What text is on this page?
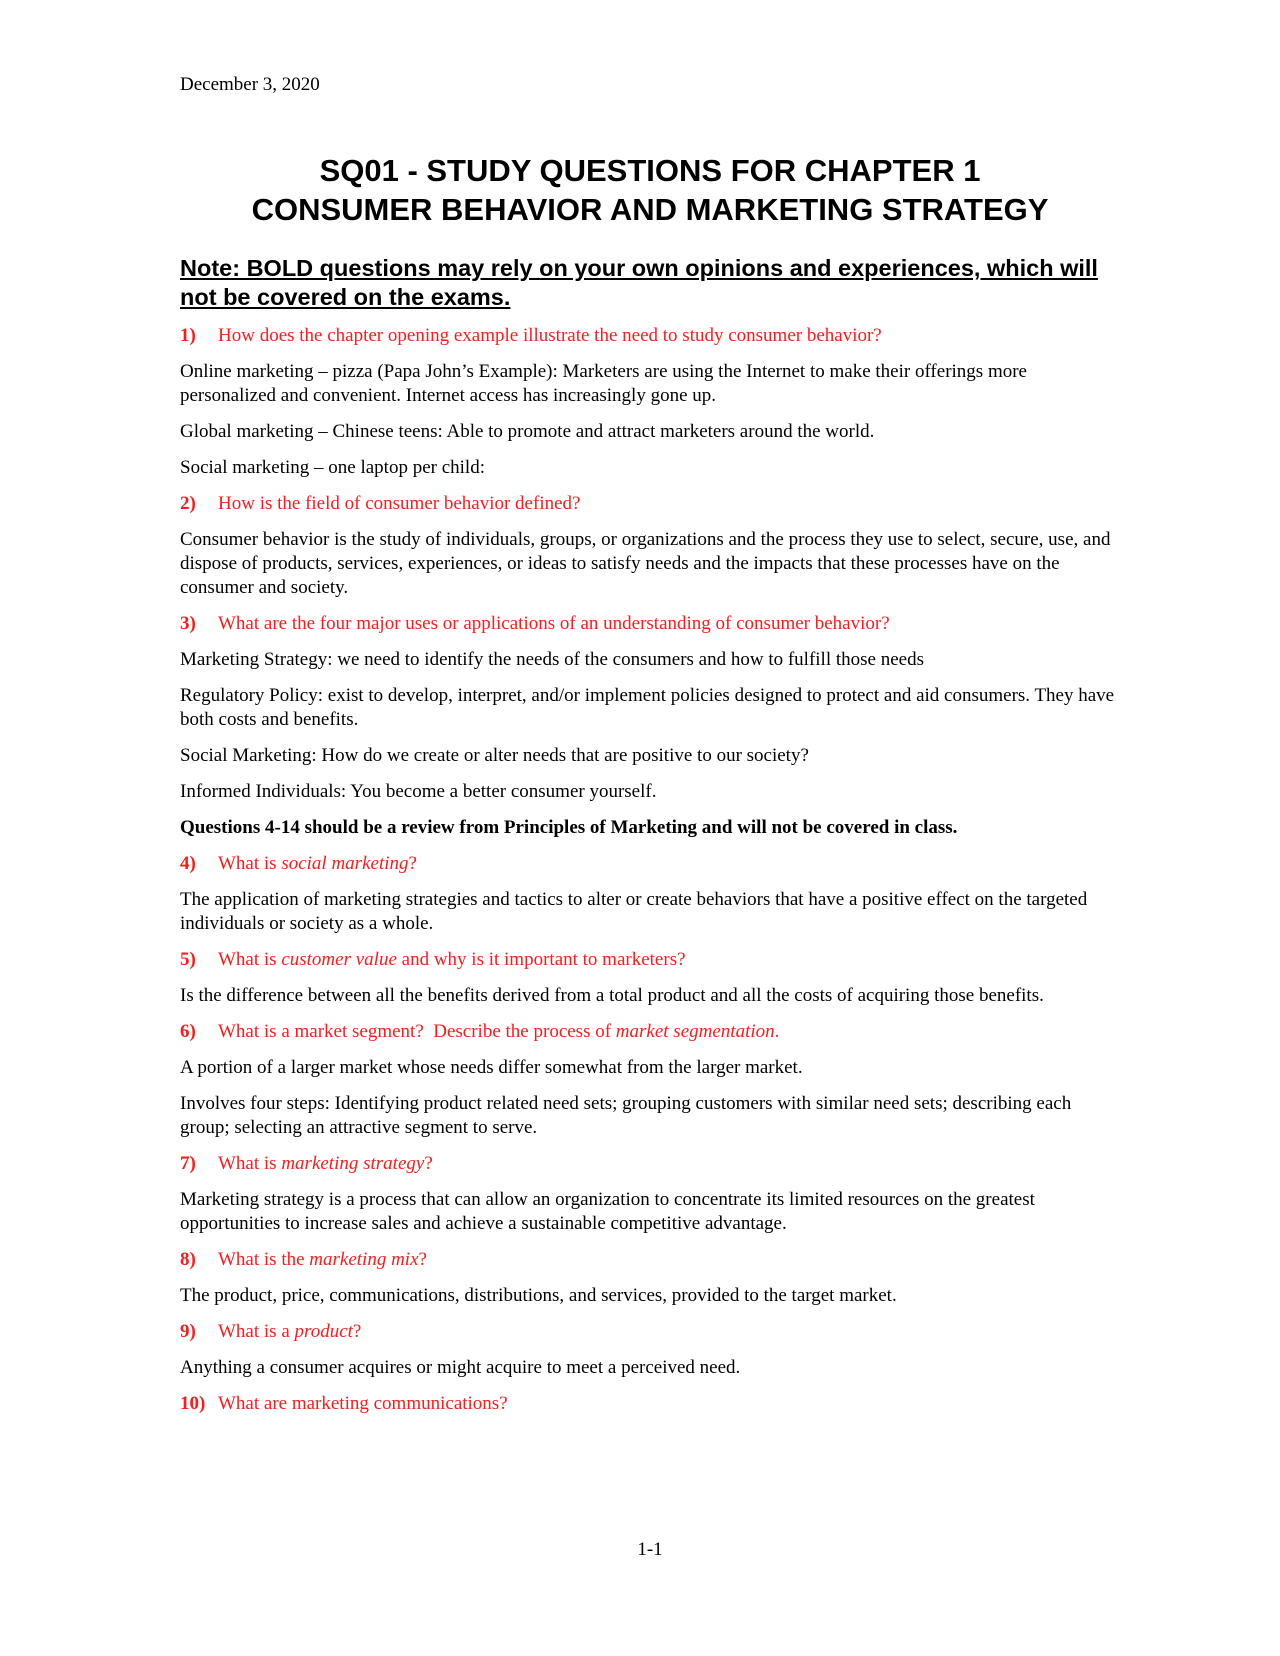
December 3, 2020
SQ01 - STUDY QUESTIONS FOR CHAPTER 1
CONSUMER BEHAVIOR AND MARKETING STRATEGY
Note: BOLD questions may rely on your own opinions and experiences, which will not be covered on the exams.
1) How does the chapter opening example illustrate the need to study consumer behavior?
Online marketing – pizza (Papa John’s Example): Marketers are using the Internet to make their offerings more personalized and convenient. Internet access has increasingly gone up.
Global marketing – Chinese teens: Able to promote and attract marketers around the world.
Social marketing – one laptop per child:
2) How is the field of consumer behavior defined?
Consumer behavior is the study of individuals, groups, or organizations and the process they use to select, secure, use, and dispose of products, services, experiences, or ideas to satisfy needs and the impacts that these processes have on the consumer and society.
3) What are the four major uses or applications of an understanding of consumer behavior?
Marketing Strategy: we need to identify the needs of the consumers and how to fulfill those needs
Regulatory Policy: exist to develop, interpret, and/or implement policies designed to protect and aid consumers. They have both costs and benefits.
Social Marketing: How do we create or alter needs that are positive to our society?
Informed Individuals: You become a better consumer yourself.
Questions 4-14 should be a review from Principles of Marketing and will not be covered in class.
4) What is social marketing?
The application of marketing strategies and tactics to alter or create behaviors that have a positive effect on the targeted individuals or society as a whole.
5) What is customer value and why is it important to marketers?
Is the difference between all the benefits derived from a total product and all the costs of acquiring those benefits.
6) What is a market segment?  Describe the process of market segmentation.
A portion of a larger market whose needs differ somewhat from the larger market.
Involves four steps: Identifying product related need sets; grouping customers with similar need sets; describing each group; selecting an attractive segment to serve.
7) What is marketing strategy?
Marketing strategy is a process that can allow an organization to concentrate its limited resources on the greatest opportunities to increase sales and achieve a sustainable competitive advantage.
8) What is the marketing mix?
The product, price, communications, distributions, and services, provided to the target market.
9) What is a product?
Anything a consumer acquires or might acquire to meet a perceived need.
10) What are marketing communications?
1-1
